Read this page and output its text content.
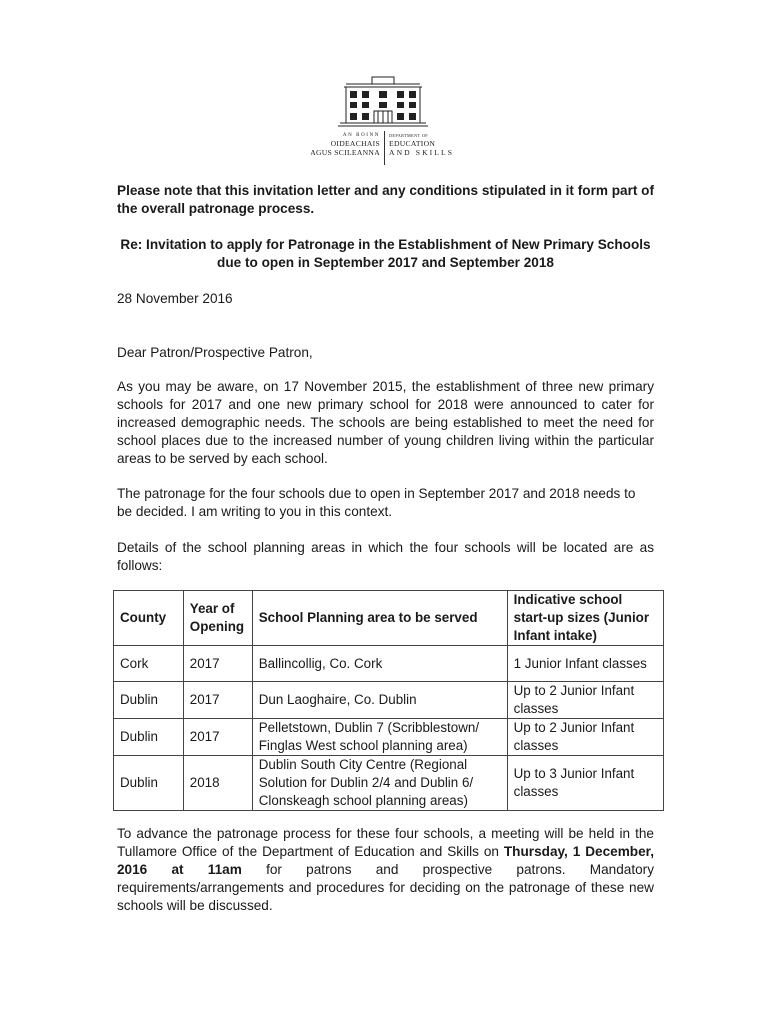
AN ROINN
OIDEACHAIS
AGUS SCILEANNA
DEPARTMENT OF
EDUCATION
AND SKILLS
Please note that this invitation letter and any conditions stipulated in it form part of the overall patronage process.
Re: Invitation to apply for Patronage in the Establishment of New Primary Schools
due to open in September 2017 and September 2018
28 November 2016
Dear Patron/Prospective Patron,
As you may be aware, on 17 November 2015, the establishment of three new primary schools for 2017 and one new primary school for 2018 were announced to cater for increased demographic needs. The schools are being established to meet the need for school places due to the increased number of young children living within the particular areas to be served by each school.
The patronage for the four schools due to open in September 2017 and 2018 needs to be decided. I am writing to you in this context.
Details of the school planning areas in which the four schools will be located are as follows:
County	Year of Opening	School Planning area to be served	Indicative school start-up sizes (Junior Infant intake)
Cork	2017	Ballincollig, Co. Cork	1 Junior Infant classes
Dublin	2017	Dun Laoghaire, Co. Dublin	Up to 2 Junior Infant classes
Dublin	2017	Pelletstown, Dublin 7 (Scribblestown/ Finglas West school planning area)	Up to 2 Junior Infant classes
Dublin	2018	Dublin South City Centre (Regional Solution for Dublin 2/4 and Dublin 6/ Clonskeagh school planning areas)	Up to 3 Junior Infant classes
To advance the patronage process for these four schools, a meeting will be held in the Tullamore Office of the Department of Education and Skills on Thursday, 1 December, 2016 at 11am for patrons and prospective patrons. Mandatory requirements/arrangements and procedures for deciding on the patronage of these new schools will be discussed.
